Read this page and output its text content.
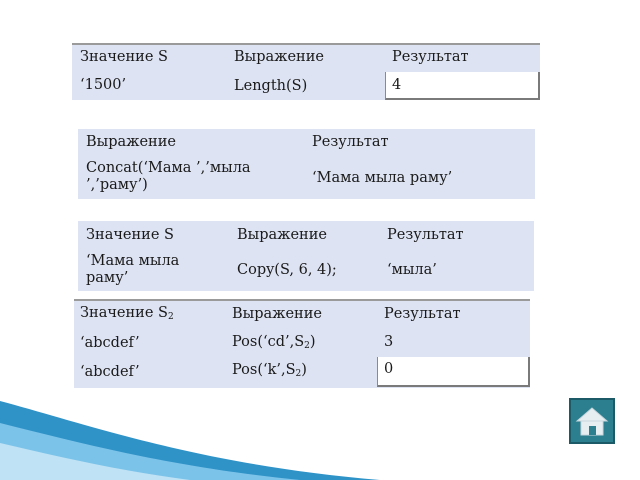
Значение S	Выражение	Результат
‘1500’	Length(S)	4
Выражение	Результат
Concat(‘Мама ’,’мыла ’,’раму’)	‘Мама мыла раму’
Значение S	Выражение	Результат
‘Мама мыла раму’	Copy(S, 6, 4);	‘мыла’
Значение $S_2$	Выражение	Результат
‘abcdef’	$Pos(‘cd’,S_2)$	3
‘abcdef’	$Pos(‘k’,S_2)$	0
